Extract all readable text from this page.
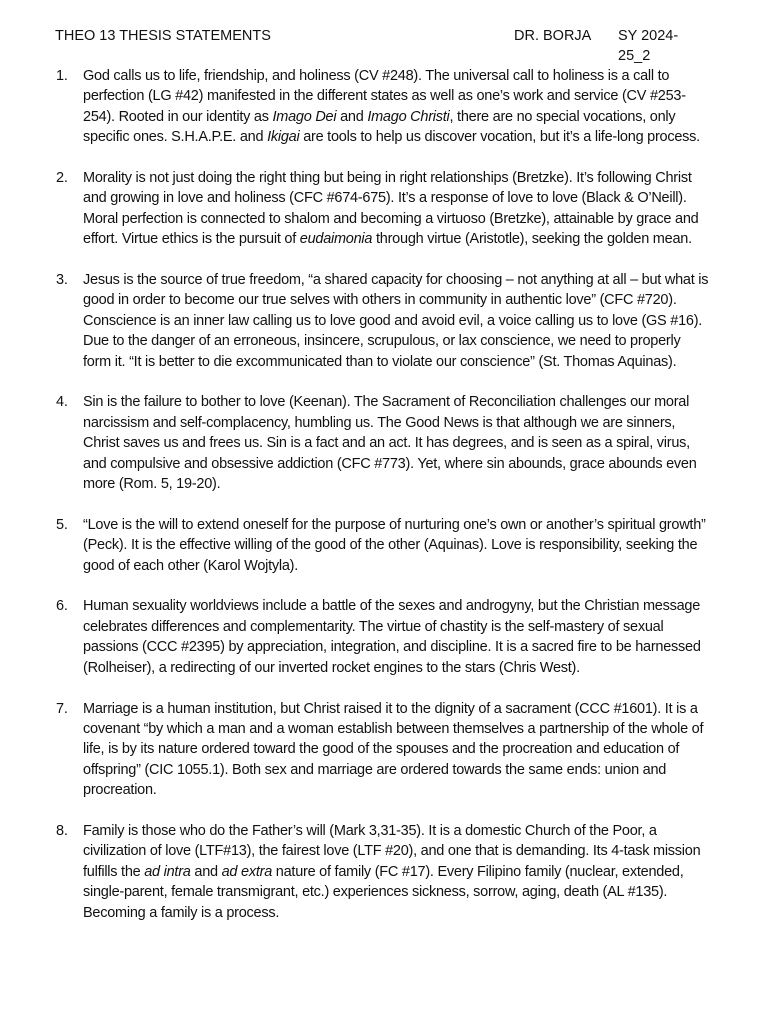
THEO 13 THESIS STATEMENTS	DR. BORJA SY 2024-25_2
1. God calls us to life, friendship, and holiness (CV #248). The universal call to holiness is a call to perfection (LG #42) manifested in the different states as well as one’s work and service (CV #253-254). Rooted in our identity as Imago Dei and Imago Christi, there are no special vocations, only specific ones. S.H.A.P.E. and Ikigai are tools to help us discover vocation, but it’s a life-long process.
2. Morality is not just doing the right thing but being in right relationships (Bretzke). It’s following Christ and growing in love and holiness (CFC #674-675). It’s a response of love to love (Black & O’Neill). Moral perfection is connected to shalom and becoming a virtuoso (Bretzke), attainable by grace and effort. Virtue ethics is the pursuit of eudaimonia through virtue (Aristotle), seeking the golden mean.
3. Jesus is the source of true freedom, “a shared capacity for choosing – not anything at all – but what is good in order to become our true selves with others in community in authentic love” (CFC #720). Conscience is an inner law calling us to love good and avoid evil, a voice calling us to love (GS #16). Due to the danger of an erroneous, insincere, scrupulous, or lax conscience, we need to properly form it. “It is better to die excommunicated than to violate our conscience” (St. Thomas Aquinas).
4. Sin is the failure to bother to love (Keenan). The Sacrament of Reconciliation challenges our moral narcissism and self-complacency, humbling us. The Good News is that although we are sinners, Christ saves us and frees us. Sin is a fact and an act. It has degrees, and is seen as a spiral, virus, and compulsive and obsessive addiction (CFC #773). Yet, where sin abounds, grace abounds even more (Rom. 5, 19-20).
5. “Love is the will to extend oneself for the purpose of nurturing one’s own or another’s spiritual growth” (Peck). It is the effective willing of the good of the other (Aquinas). Love is responsibility, seeking the good of each other (Karol Wojtyla).
6. Human sexuality worldviews include a battle of the sexes and androgyny, but the Christian message celebrates differences and complementarity. The virtue of chastity is the self-mastery of sexual passions (CCC #2395) by appreciation, integration, and discipline. It is a sacred fire to be harnessed (Rolheiser), a redirecting of our inverted rocket engines to the stars (Chris West).
7. Marriage is a human institution, but Christ raised it to the dignity of a sacrament (CCC #1601). It is a covenant “by which a man and a woman establish between themselves a partnership of the whole of life, is by its nature ordered toward the good of the spouses and the procreation and education of offspring” (CIC 1055.1). Both sex and marriage are ordered towards the same ends: union and procreation.
8. Family is those who do the Father’s will (Mark 3,31-35). It is a domestic Church of the Poor, a civilization of love (LTF#13), the fairest love (LTF #20), and one that is demanding. Its 4-task mission fulfills the ad intra and ad extra nature of family (FC #17). Every Filipino family (nuclear, extended, single-parent, female transmigrant, etc.) experiences sickness, sorrow, aging, death (AL #135). Becoming a family is a process.
